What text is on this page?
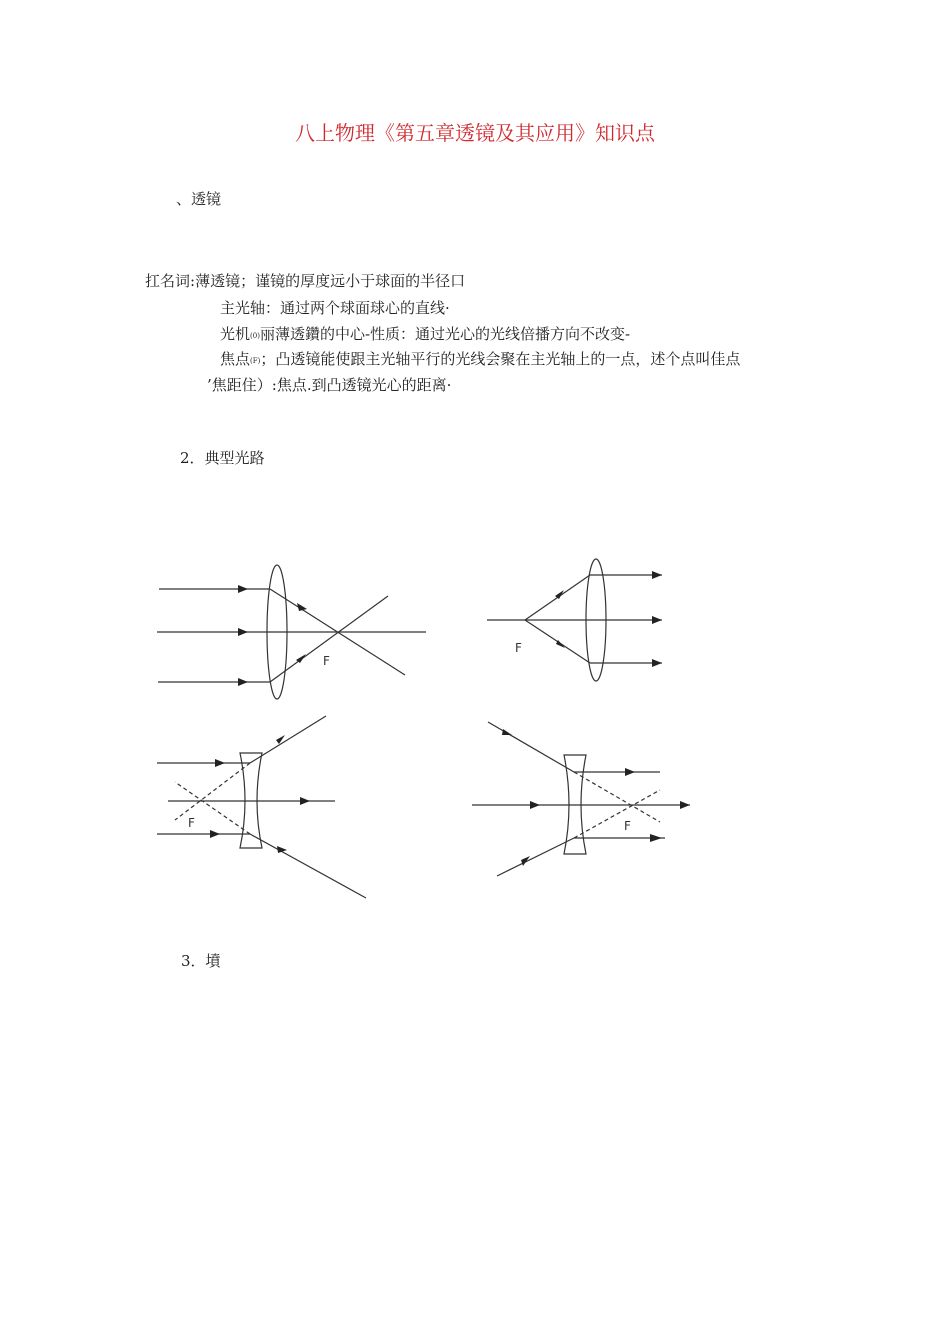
八上物理《第五章透镜及其应用》知识点
、透镜
扛名词:薄透镜；谨镜的厚度远小于球面的半径口
主光轴：通过两个球面球心的直线·
光机(0)丽薄透鑽的中心-性质：通过光心的光线倍播方向不改变-
焦点(F)；凸透镜能使跟主光轴平行的光线会聚在主光轴上的一点，述个点叫佳点
’焦距住）:焦点.到凸透镜光心的距离·
2．典型光路
F
F
F	F
3．墳
